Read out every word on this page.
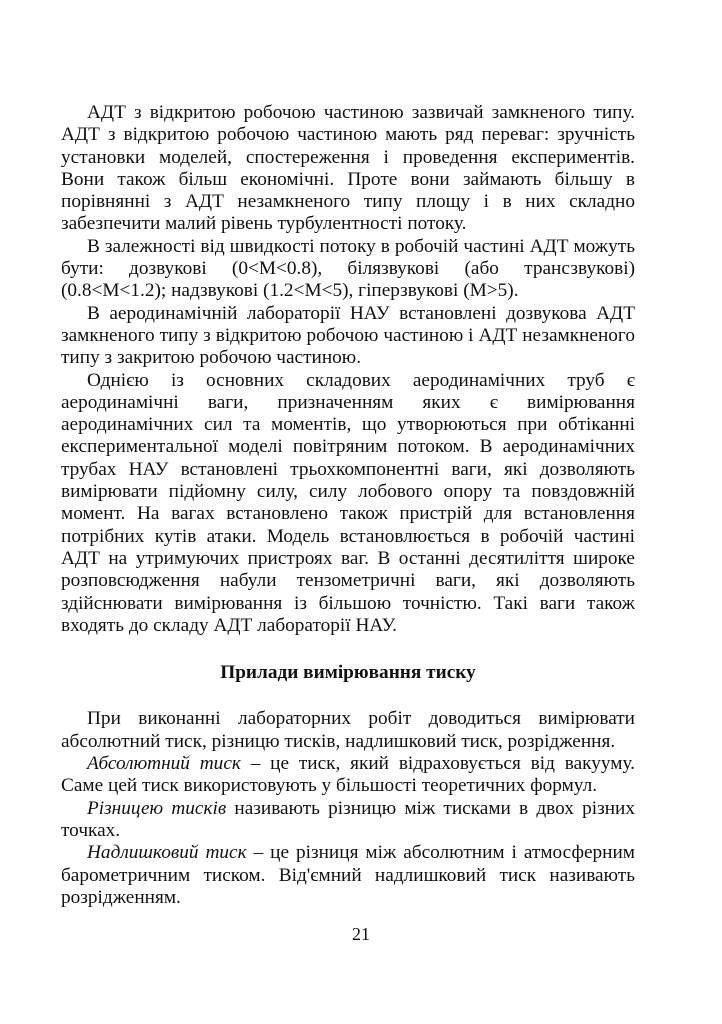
АДТ з відкритою робочою частиною зазвичай замкненого типу. АДТ з відкритою робочою частиною мають ряд переваг: зручність установки моделей, спостереження і проведення експериментів. Вони також більш економічні. Проте вони займають більшу в порівнянні з АДТ незамкненого типу площу і в них складно забезпечити малий рівень турбулентності потоку.

В залежності від швидкості потоку в робочій частині АДТ можуть бути: дозвукові (0<M<0.8), білязвукові (або трансзвукові) (0.8<M<1.2); надзвукові (1.2<M<5), гіперзвукові (M>5).

В аеродинамічній лабораторії НАУ встановлені дозвукова АДТ замкненого типу з відкритою робочою частиною і АДТ незамкненого типу з закритою робочою частиною.

Однією із основних складових аеродинамічних труб є аеродинамічні ваги, призначенням яких є вимірювання аеродинамічних сил та моментів, що утворюються при обтіканні експериментальної моделі повітряним потоком. В аеродинамічних трубах НАУ встановлені трьохкомпонентні ваги, які дозволяють вимірювати підйомну силу, силу лобового опору та повздовжній момент. На вагах встановлено також пристрій для встановлення потрібних кутів атаки. Модель встановлюється в робочій частині АДТ на утримуючих пристроях ваг. В останні десятиліття широке розповсюдження набули тензометричні ваги, які дозволяють здійснювати вимірювання із більшою точністю. Такі ваги також входять до складу АДТ лабораторії НАУ.

Прилади вимірювання тиску

При виконанні лабораторних робіт доводиться вимірювати абсолютний тиск, різницю тисків, надлишковий тиск, розрідження.

Абсолютний тиск – це тиск, який відраховується від вакууму. Саме цей тиск використовують у більшості теоретичних формул.

Різницею тисків називають різницю між тисками в двох різних точках.

Надлишковий тиск – це різниця між абсолютним і атмосферним барометричним тиском. Від'ємний надлишковий тиск називають розрідженням.

21
